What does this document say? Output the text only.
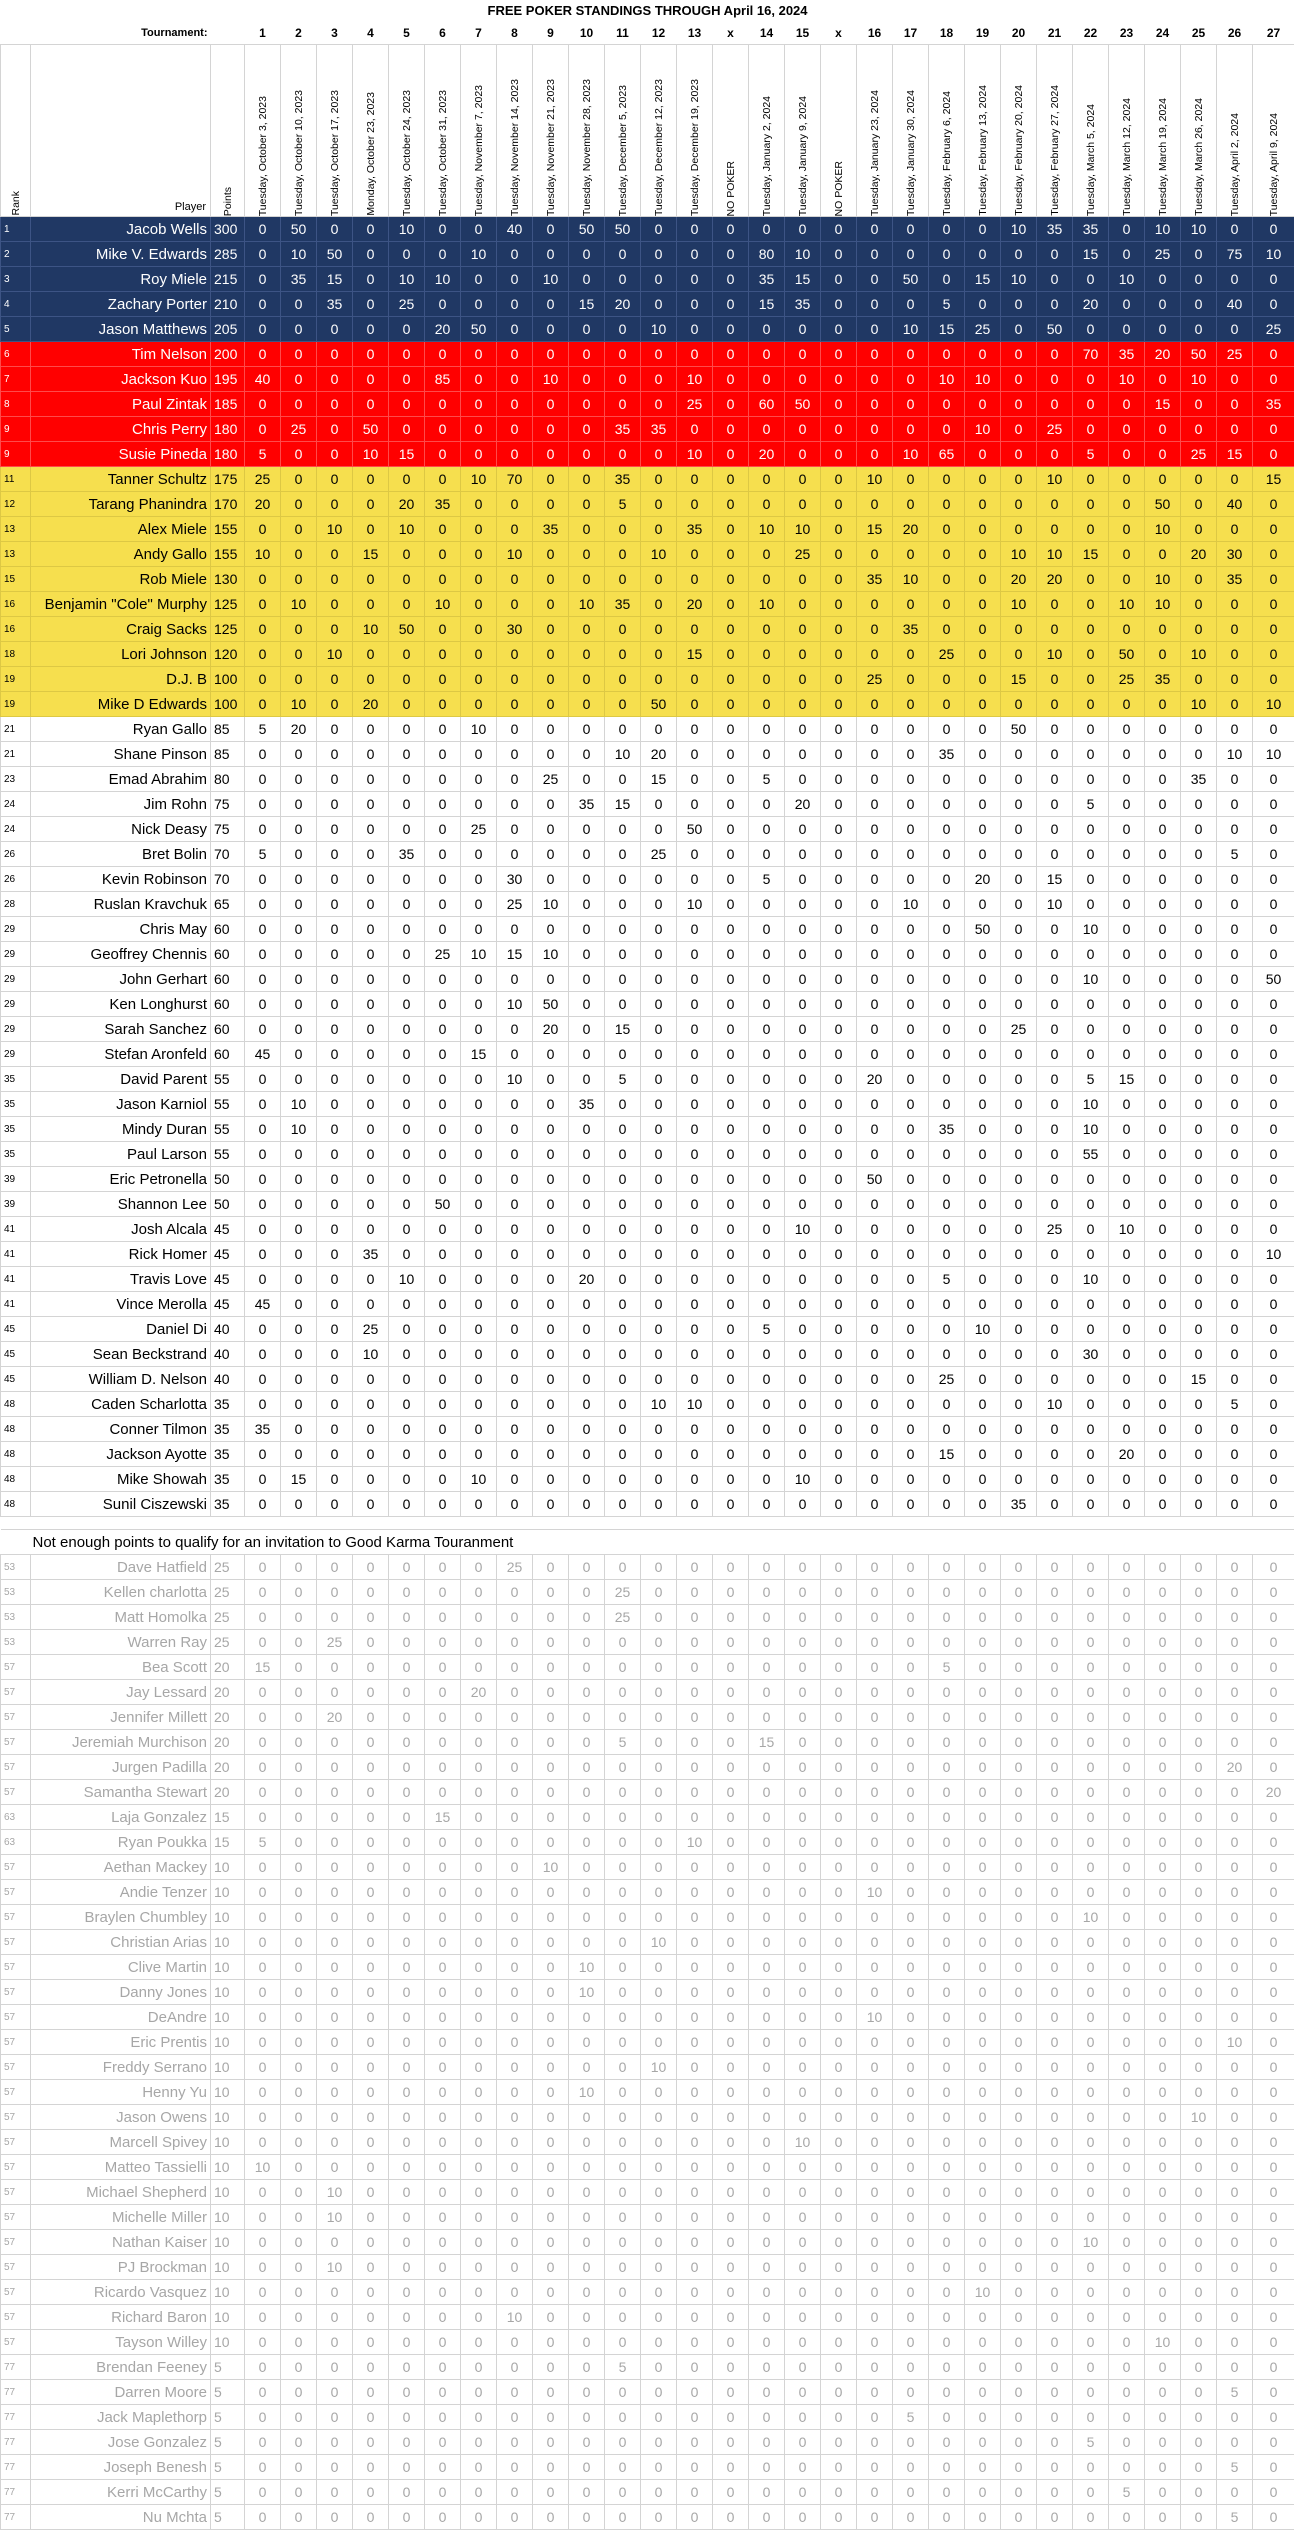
FREE POKER STANDINGS THROUGH April 16, 2024																															
Tournament:			1	2	3	4	5	6	7	8	9	10	11	12	13	x	14	15	x	16	17	18	19	20	21	22	23	24	25	26	27

Rank	Player	Points	Tuesday, October 3, 2023	Tuesday, October 10, 2023	Tuesday, October 17, 2023	Monday, October 23, 2023	Tuesday, October 24, 2023	Tuesday, October 31, 2023	Tuesday, November 7, 2023	Tuesday, November 14, 2023	Tuesday, November 21, 2023	Tuesday, November 28, 2023	Tuesday, December 5, 2023	Tuesday, December 12, 2023	Tuesday, December 19, 2023	NO POKER	Tuesday, January 2, 2024	Tuesday, January 9, 2024	NO POKER	Tuesday, January 23, 2024	Tuesday, January 30, 2024	Tuesday, February 6, 2024	Tuesday, February 13, 2024	Tuesday, February 20, 2024	Tuesday, February 27, 2024	Tuesday, March 5, 2024	Tuesday, March 12, 2024	Tuesday, March 19, 2024	Tuesday, March 26, 2024	Tuesday, April 2, 2024	Tuesday, April 9, 2024

1	Jacob Wells	300	0	50	0	0	10	0	0	40	0	50	50	0	0	0	0	0	0	0	0	0	0	10	35	35	0	10	10	0	0
2	Mike V. Edwards	285	0	10	50	0	0	0	10	0	0	0	0	0	0	0	80	10	0	0	0	0	0	0	0	15	0	25	0	75	10
3	Roy Miele	215	0	35	15	0	10	10	0	0	10	0	0	0	0	0	35	15	0	0	50	0	15	10	0	0	10	0	0	0	0
4	Zachary Porter	210	0	0	35	0	25	0	0	0	0	15	20	0	0	0	15	35	0	0	0	5	0	0	0	20	0	0	0	40	0
5	Jason Matthews	205	0	0	0	0	0	20	50	0	0	0	0	10	0	0	0	0	0	0	10	15	25	0	50	0	0	0	0	0	25
6	Tim Nelson	200	0	0	0	0	0	0	0	0	0	0	0	0	0	0	0	0	0	0	0	0	0	0	0	70	35	20	50	25	0
7	Jackson Kuo	195	40	0	0	0	0	85	0	0	10	0	0	0	10	0	0	0	0	0	0	10	10	0	0	0	10	0	10	0	0
8	Paul Zintak	185	0	0	0	0	0	0	0	0	0	0	0	0	25	0	60	50	0	0	0	0	0	0	0	0	0	15	0	0	35
9	Chris Perry	180	0	25	0	50	0	0	0	0	0	0	35	35	0	0	0	0	0	0	0	0	10	0	25	0	0	0	0	0	0
9	Susie Pineda	180	5	0	0	10	15	0	0	0	0	0	0	0	10	0	20	0	0	0	10	65	0	0	0	5	0	0	25	15	0
11	Tanner Schultz	175	25	0	0	0	0	0	10	70	0	0	35	0	0	0	0	0	0	10	0	0	0	0	10	0	0	0	0	0	15
12	Tarang Phanindra	170	20	0	0	0	20	35	0	0	0	0	5	0	0	0	0	0	0	0	0	0	0	0	0	0	0	50	0	40	0
13	Alex Miele	155	0	0	10	0	10	0	0	0	35	0	0	0	35	0	10	10	0	15	20	0	0	0	0	0	0	10	0	0	0
13	Andy Gallo	155	10	0	0	15	0	0	0	10	0	0	0	10	0	0	0	25	0	0	0	0	0	10	10	15	0	0	20	30	0
15	Rob Miele	130	0	0	0	0	0	0	0	0	0	0	0	0	0	0	0	0	0	35	10	0	0	20	20	0	0	10	0	35	0
16	Benjamin "Cole" Murphy	125	0	10	0	0	0	10	0	0	0	10	35	0	20	0	10	0	0	0	0	0	0	10	0	0	10	10	0	0	0
16	Craig Sacks	125	0	0	0	10	50	0	0	30	0	0	0	0	0	0	0	0	0	0	35	0	0	0	0	0	0	0	0	0	0
18	Lori Johnson	120	0	0	10	0	0	0	0	0	0	0	0	0	15	0	0	0	0	0	0	25	0	0	10	0	50	0	10	0	0
19	D.J. B	100	0	0	0	0	0	0	0	0	0	0	0	0	0	0	0	0	0	25	0	0	0	15	0	0	25	35	0	0	0
19	Mike D Edwards	100	0	10	0	20	0	0	0	0	0	0	0	50	0	0	0	0	0	0	0	0	0	0	0	0	0	0	10	0	10
21	Ryan Gallo	85	5	20	0	0	0	0	10	0	0	0	0	0	0	0	0	0	0	0	0	0	0	50	0	0	0	0	0	0	0
21	Shane Pinson	85	0	0	0	0	0	0	0	0	0	0	10	20	0	0	0	0	0	0	0	35	0	0	0	0	0	0	0	10	10
23	Emad Abrahim	80	0	0	0	0	0	0	0	0	25	0	0	15	0	0	5	0	0	0	0	0	0	0	0	0	0	0	35	0	0
24	Jim Rohn	75	0	0	0	0	0	0	0	0	0	35	15	0	0	0	0	20	0	0	0	0	0	0	0	5	0	0	0	0	0
24	Nick Deasy	75	0	0	0	0	0	0	25	0	0	0	0	0	50	0	0	0	0	0	0	0	0	0	0	0	0	0	0	0	0
26	Bret Bolin	70	5	0	0	0	35	0	0	0	0	0	0	25	0	0	0	0	0	0	0	0	0	0	0	0	0	0	0	5	0
26	Kevin Robinson	70	0	0	0	0	0	0	0	30	0	0	0	0	0	0	5	0	0	0	0	0	20	0	15	0	0	0	0	0	0
28	Ruslan Kravchuk	65	0	0	0	0	0	0	0	25	10	0	0	0	10	0	0	0	0	0	10	0	0	0	10	0	0	0	0	0	0
29	Chris May	60	0	0	0	0	0	0	0	0	0	0	0	0	0	0	0	0	0	0	0	0	50	0	0	10	0	0	0	0	0
29	Geoffrey Chennis	60	0	0	0	0	0	25	10	15	10	0	0	0	0	0	0	0	0	0	0	0	0	0	0	0	0	0	0	0	0
29	John Gerhart	60	0	0	0	0	0	0	0	0	0	0	0	0	0	0	0	0	0	0	0	0	0	0	0	10	0	0	0	0	50
29	Ken Longhurst	60	0	0	0	0	0	0	0	10	50	0	0	0	0	0	0	0	0	0	0	0	0	0	0	0	0	0	0	0	0
29	Sarah Sanchez	60	0	0	0	0	0	0	0	0	20	0	15	0	0	0	0	0	0	0	0	0	0	25	0	0	0	0	0	0	0
29	Stefan Aronfeld	60	45	0	0	0	0	0	15	0	0	0	0	0	0	0	0	0	0	0	0	0	0	0	0	0	0	0	0	0	0
35	David Parent	55	0	0	0	0	0	0	0	10	0	0	5	0	0	0	0	0	0	20	0	0	0	0	0	5	15	0	0	0	0
35	Jason Karniol	55	0	10	0	0	0	0	0	0	0	35	0	0	0	0	0	0	0	0	0	0	0	0	0	10	0	0	0	0	0
35	Mindy Duran	55	0	10	0	0	0	0	0	0	0	0	0	0	0	0	0	0	0	0	0	35	0	0	0	10	0	0	0	0	0
35	Paul Larson	55	0	0	0	0	0	0	0	0	0	0	0	0	0	0	0	0	0	0	0	0	0	0	0	55	0	0	0	0	0
39	Eric Petronella	50	0	0	0	0	0	0	0	0	0	0	0	0	0	0	0	0	0	50	0	0	0	0	0	0	0	0	0	0	0
39	Shannon Lee	50	0	0	0	0	0	50	0	0	0	0	0	0	0	0	0	0	0	0	0	0	0	0	0	0	0	0	0	0	0
41	Josh Alcala	45	0	0	0	0	0	0	0	0	0	0	0	0	0	0	0	10	0	0	0	0	0	0	25	0	10	0	0	0	0
41	Rick Homer	45	0	0	0	35	0	0	0	0	0	0	0	0	0	0	0	0	0	0	0	0	0	0	0	0	0	0	0	0	10
41	Travis Love	45	0	0	0	0	10	0	0	0	0	20	0	0	0	0	0	0	0	0	0	5	0	0	0	10	0	0	0	0	0
41	Vince Merolla	45	45	0	0	0	0	0	0	0	0	0	0	0	0	0	0	0	0	0	0	0	0	0	0	0	0	0	0	0	0
45	Daniel Di	40	0	0	0	25	0	0	0	0	0	0	0	0	0	0	5	0	0	0	0	0	10	0	0	0	0	0	0	0	0
45	Sean Beckstrand	40	0	0	0	10	0	0	0	0	0	0	0	0	0	0	0	0	0	0	0	0	0	0	0	30	0	0	0	0	0
45	William D. Nelson	40	0	0	0	0	0	0	0	0	0	0	0	0	0	0	0	0	0	0	0	25	0	0	0	0	0	0	15	0	0
48	Caden Scharlotta	35	0	0	0	0	0	0	0	0	0	0	0	10	10	0	0	0	0	0	0	0	0	0	10	0	0	0	0	5	0
48	Conner Tilmon	35	35	0	0	0	0	0	0	0	0	0	0	0	0	0	0	0	0	0	0	0	0	0	0	0	0	0	0	0	0
48	Jackson Ayotte	35	0	0	0	0	0	0	0	0	0	0	0	0	0	0	0	0	0	0	0	15	0	0	0	0	20	0	0	0	0
48	Mike Showah	35	0	15	0	0	0	0	10	0	0	0	0	0	0	0	0	10	0	0	0	0	0	0	0	0	0	0	0	0	0
48	Sunil Ciszewski	35	0	0	0	0	0	0	0	0	0	0	0	0	0	0	0	0	0	0	0	0	0	35	0	0	0	0	0	0	0

Not enough points to qualify for an invitation to Good Karma Touranment																															
53	Dave Hatfield	25	0	0	0	0	0	0	0	25	0	0	0	0	0	0	0	0	0	0	0	0	0	0	0	0	0	0	0	0	0
53	Kellen charlotta	25	0	0	0	0	0	0	0	0	0	0	25	0	0	0	0	0	0	0	0	0	0	0	0	0	0	0	0	0	0
53	Matt Homolka	25	0	0	0	0	0	0	0	0	0	0	25	0	0	0	0	0	0	0	0	0	0	0	0	0	0	0	0	0	0
53	Warren Ray	25	0	0	25	0	0	0	0	0	0	0	0	0	0	0	0	0	0	0	0	0	0	0	0	0	0	0	0	0	0
57	Bea Scott	20	15	0	0	0	0	0	0	0	0	0	0	0	0	0	0	0	0	0	0	5	0	0	0	0	0	0	0	0	0
57	Jay Lessard	20	0	0	0	0	0	0	20	0	0	0	0	0	0	0	0	0	0	0	0	0	0	0	0	0	0	0	0	0	0
57	Jennifer Millett	20	0	0	20	0	0	0	0	0	0	0	0	0	0	0	0	0	0	0	0	0	0	0	0	0	0	0	0	0	0
57	Jeremiah Murchison	20	0	0	0	0	0	0	0	0	0	0	5	0	0	0	15	0	0	0	0	0	0	0	0	0	0	0	0	0	0
57	Jurgen Padilla	20	0	0	0	0	0	0	0	0	0	0	0	0	0	0	0	0	0	0	0	0	0	0	0	0	0	0	0	20	0
57	Samantha Stewart	20	0	0	0	0	0	0	0	0	0	0	0	0	0	0	0	0	0	0	0	0	0	0	0	0	0	0	0	0	20
63	Laja Gonzalez	15	0	0	0	0	0	15	0	0	0	0	0	0	0	0	0	0	0	0	0	0	0	0	0	0	0	0	0	0	0
63	Ryan Poukka	15	5	0	0	0	0	0	0	0	0	0	0	0	10	0	0	0	0	0	0	0	0	0	0	0	0	0	0	0	0
57	Aethan Mackey	10	0	0	0	0	0	0	0	0	10	0	0	0	0	0	0	0	0	0	0	0	0	0	0	0	0	0	0	0	0
57	Andie Tenzer	10	0	0	0	0	0	0	0	0	0	0	0	0	0	0	0	0	0	10	0	0	0	0	0	0	0	0	0	0	0
57	Braylen Chumbley	10	0	0	0	0	0	0	0	0	0	0	0	0	0	0	0	0	0	0	0	0	0	0	0	10	0	0	0	0	0
57	Christian Arias	10	0	0	0	0	0	0	0	0	0	0	0	10	0	0	0	0	0	0	0	0	0	0	0	0	0	0	0	0	0
57	Clive Martin	10	0	0	0	0	0	0	0	0	0	10	0	0	0	0	0	0	0	0	0	0	0	0	0	0	0	0	0	0	0
57	Danny Jones	10	0	0	0	0	0	0	0	0	0	10	0	0	0	0	0	0	0	0	0	0	0	0	0	0	0	0	0	0	0
57	DeAndre	10	0	0	0	0	0	0	0	0	0	0	0	0	0	0	0	0	0	10	0	0	0	0	0	0	0	0	0	0	0
57	Eric Prentis	10	0	0	0	0	0	0	0	0	0	0	0	0	0	0	0	0	0	0	0	0	0	0	0	0	0	0	0	10	0
57	Freddy Serrano	10	0	0	0	0	0	0	0	0	0	0	0	10	0	0	0	0	0	0	0	0	0	0	0	0	0	0	0	0	0
57	Henny Yu	10	0	0	0	0	0	0	0	0	0	10	0	0	0	0	0	0	0	0	0	0	0	0	0	0	0	0	0	0	0
57	Jason Owens	10	0	0	0	0	0	0	0	0	0	0	0	0	0	0	0	0	0	0	0	0	0	0	0	0	0	0	10	0	0
57	Marcell Spivey	10	0	0	0	0	0	0	0	0	0	0	0	0	0	0	0	10	0	0	0	0	0	0	0	0	0	0	0	0	0
57	Matteo Tassielli	10	10	0	0	0	0	0	0	0	0	0	0	0	0	0	0	0	0	0	0	0	0	0	0	0	0	0	0	0	0
57	Michael Shepherd	10	0	0	10	0	0	0	0	0	0	0	0	0	0	0	0	0	0	0	0	0	0	0	0	0	0	0	0	0	0
57	Michelle Miller	10	0	0	10	0	0	0	0	0	0	0	0	0	0	0	0	0	0	0	0	0	0	0	0	0	0	0	0	0	0
57	Nathan Kaiser	10	0	0	0	0	0	0	0	0	0	0	0	0	0	0	0	0	0	0	0	0	0	0	0	10	0	0	0	0	0
57	PJ Brockman	10	0	0	10	0	0	0	0	0	0	0	0	0	0	0	0	0	0	0	0	0	0	0	0	0	0	0	0	0	0
57	Ricardo Vasquez	10	0	0	0	0	0	0	0	0	0	0	0	0	0	0	0	0	0	0	0	0	10	0	0	0	0	0	0	0	0
57	Richard Baron	10	0	0	0	0	0	0	0	10	0	0	0	0	0	0	0	0	0	0	0	0	0	0	0	0	0	0	0	0	0
57	Tayson Willey	10	0	0	0	0	0	0	0	0	0	0	0	0	0	0	0	0	0	0	0	0	0	0	0	0	0	10	0	0	0
77	Brendan Feeney	5	0	0	0	0	0	0	0	0	0	0	5	0	0	0	0	0	0	0	0	0	0	0	0	0	0	0	0	0	0
77	Darren Moore	5	0	0	0	0	0	0	0	0	0	0	0	0	0	0	0	0	0	0	0	0	0	0	0	0	0	0	0	5	0
77	Jack Maplethorp	5	0	0	0	0	0	0	0	0	0	0	0	0	0	0	0	0	0	0	5	0	0	0	0	0	0	0	0	0	0
77	Jose Gonzalez	5	0	0	0	0	0	0	0	0	0	0	0	0	0	0	0	0	0	0	0	0	0	0	0	5	0	0	0	0	0
77	Joseph Benesh	5	0	0	0	0	0	0	0	0	0	0	0	0	0	0	0	0	0	0	0	0	0	0	0	0	0	0	0	5	0
77	Kerri McCarthy	5	0	0	0	0	0	0	0	0	0	0	0	0	0	0	0	0	0	0	0	0	0	0	0	0	5	0	0	0	0
77	Nu Mchta	5	0	0	0	0	0	0	0	0	0	0	0	0	0	0	0	0	0	0	0	0	0	0	0	0	0	0	0	5	0
